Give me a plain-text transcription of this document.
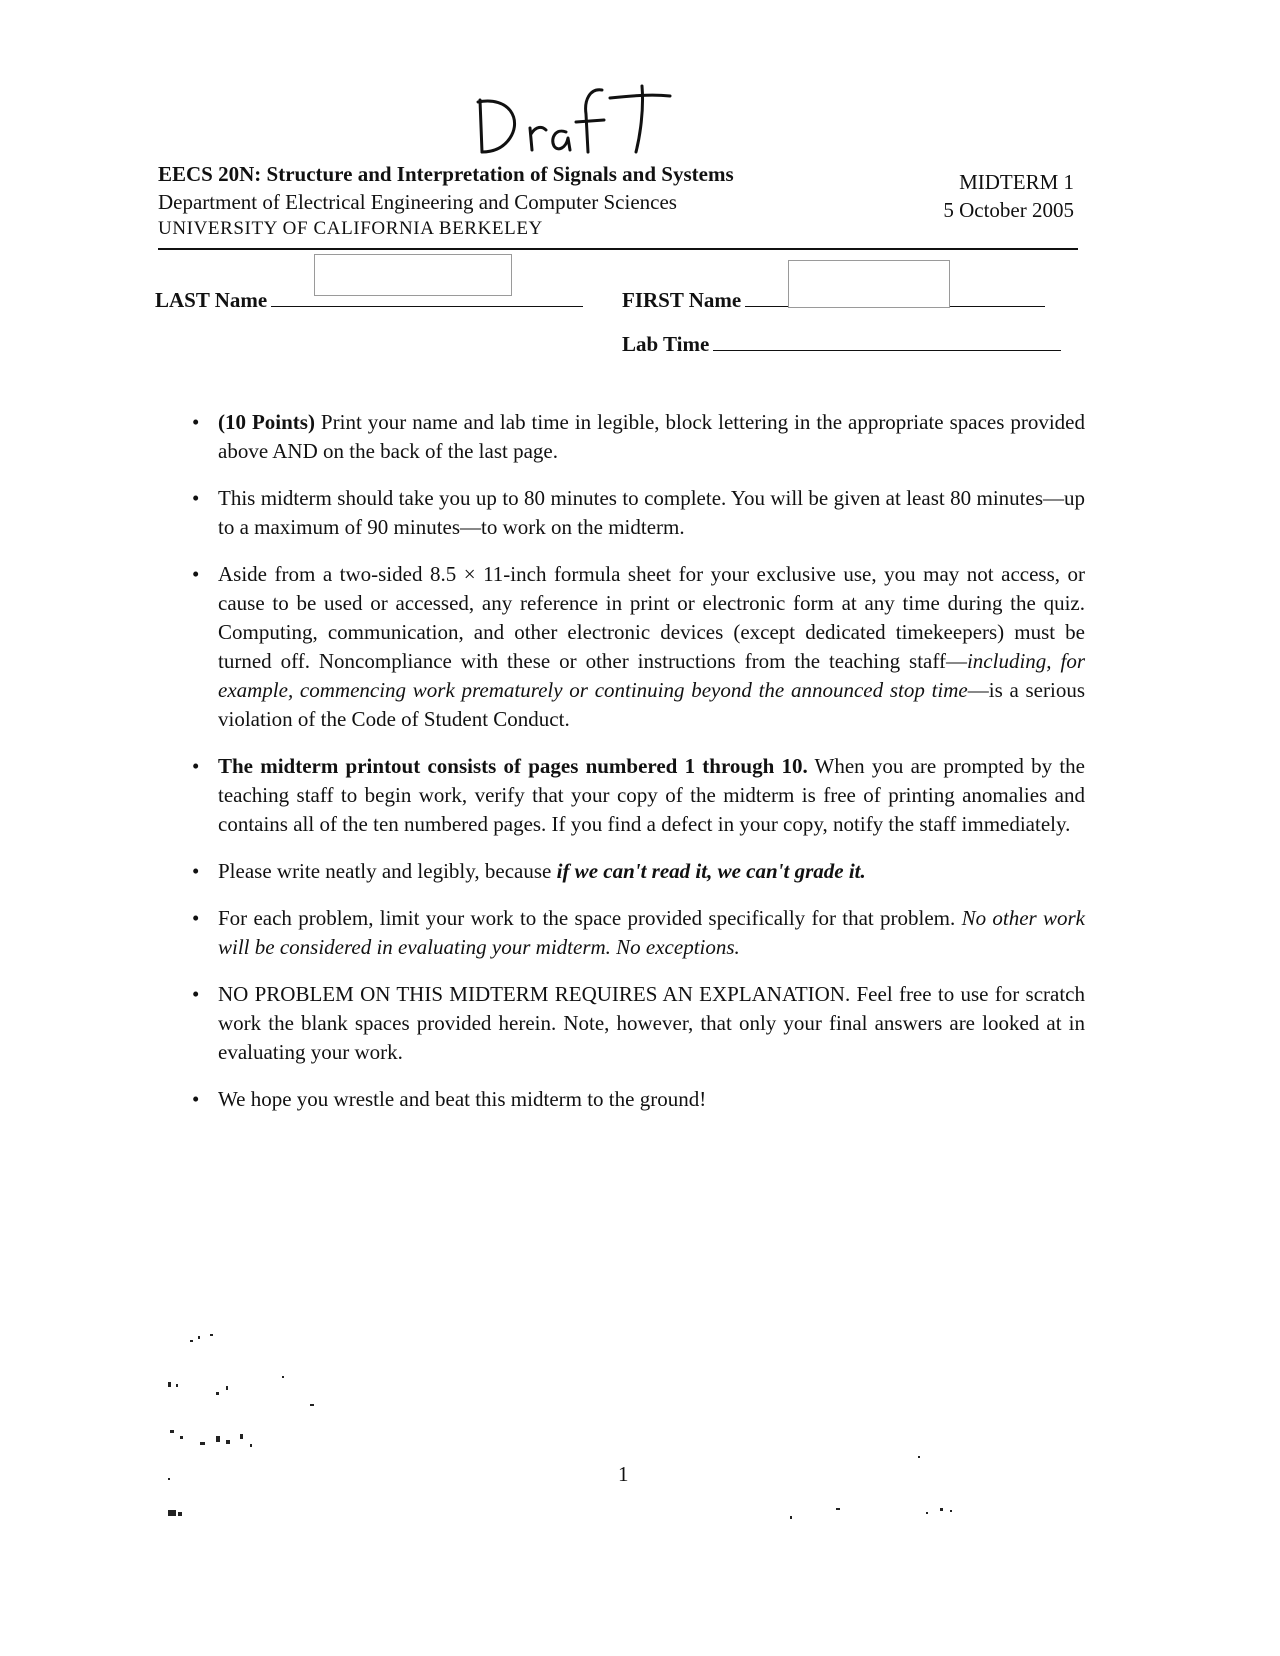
EECS 20N: Structure and Interpretation of Signals and Systems
Department of Electrical Engineering and Computer Sciences
UNIVERSITY OF CALIFORNIA BERKELEY
MIDTERM 1
5 October 2005
LAST Name	FIRST Name
Lab Time
• (10 Points) Print your name and lab time in legible, block lettering in the appropriate spaces provided above AND on the back of the last page.
• This midterm should take you up to 80 minutes to complete. You will be given at least 80 minutes—up to a maximum of 90 minutes—to work on the midterm.
• Aside from a two-sided 8.5 × 11-inch formula sheet for your exclusive use, you may not access, or cause to be used or accessed, any reference in print or electronic form at any time during the quiz. Computing, communication, and other electronic devices (except dedicated timekeepers) must be turned off. Noncompliance with these or other instructions from the teaching staff—including, for example, commencing work prematurely or continuing beyond the announced stop time—is a serious violation of the Code of Student Conduct.
• The midterm printout consists of pages numbered 1 through 10. When you are prompted by the teaching staff to begin work, verify that your copy of the midterm is free of printing anomalies and contains all of the ten numbered pages. If you find a defect in your copy, notify the staff immediately.
• Please write neatly and legibly, because if we can't read it, we can't grade it.
• For each problem, limit your work to the space provided specifically for that problem. No other work will be considered in evaluating your midterm. No exceptions.
• NO PROBLEM ON THIS MIDTERM REQUIRES AN EXPLANATION. Feel free to use for scratch work the blank spaces provided herein. Note, however, that only your final answers are looked at in evaluating your work.
• We hope you wrestle and beat this midterm to the ground!
1
